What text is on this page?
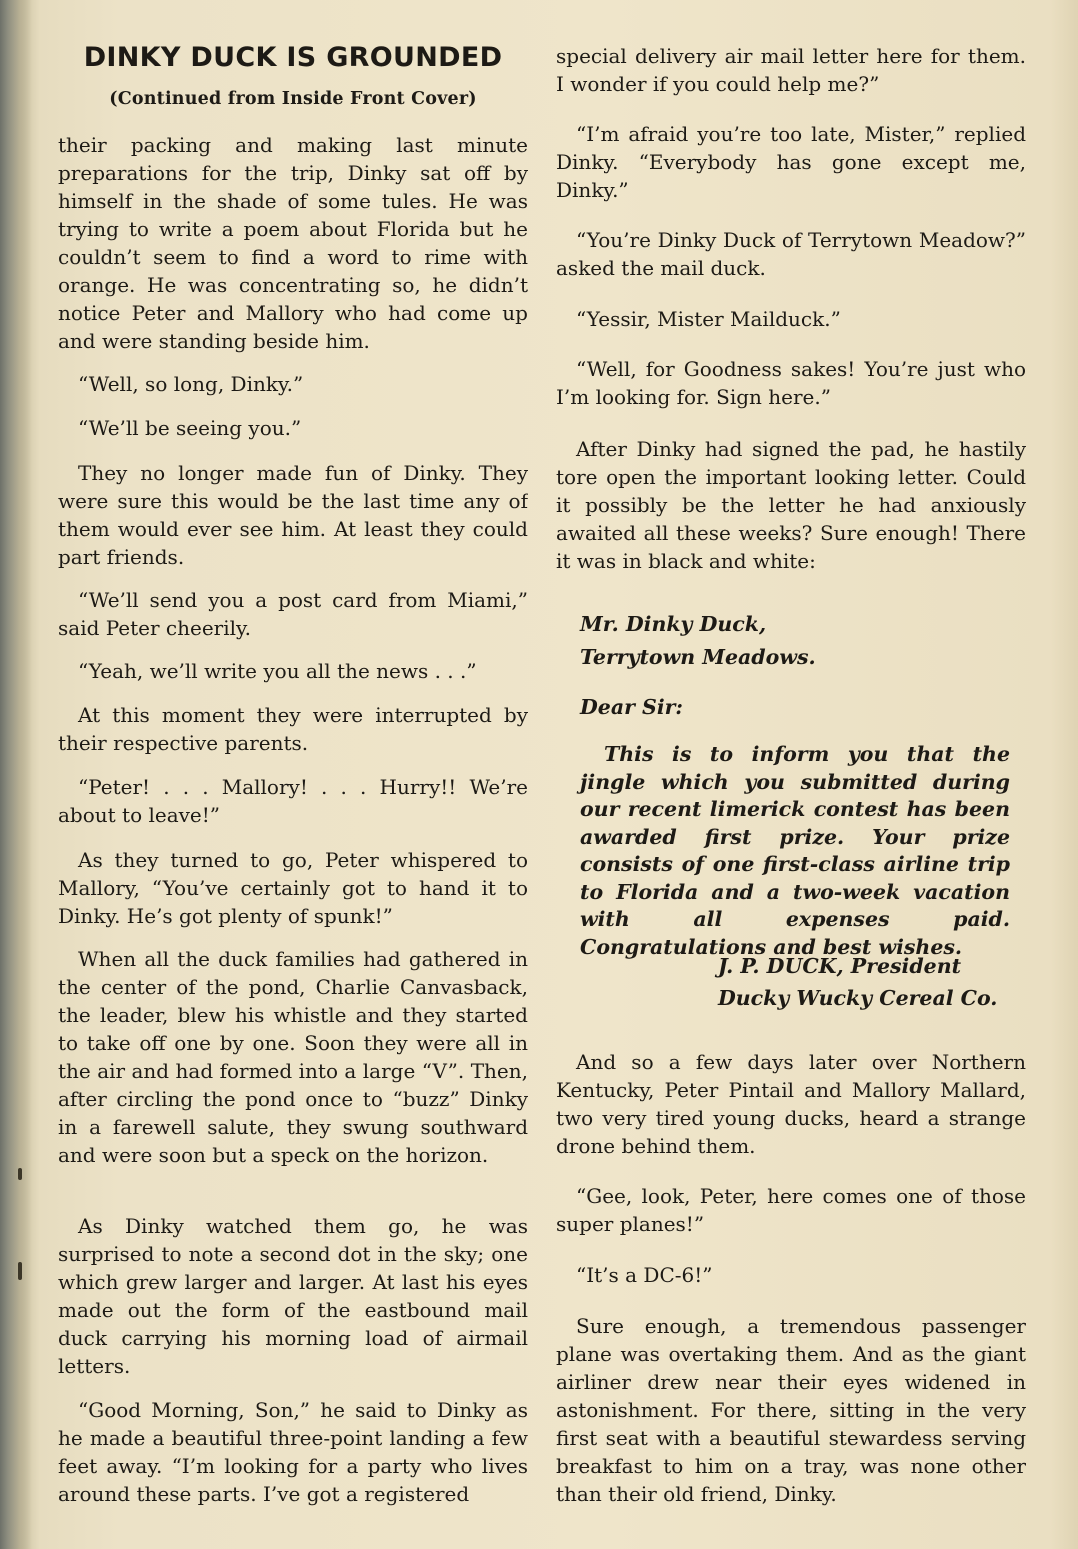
DINKY DUCK IS GROUNDED

(Continued from Inside Front Cover)

their packing and making last minute preparations for the trip, Dinky sat off by himself in the shade of some tules. He was trying to write a poem about Florida but he couldn’t seem to find a word to rime with orange. He was concentrating so, he didn’t notice Peter and Mallory who had come up and were standing beside him.

“Well, so long, Dinky.”

“We’ll be seeing you.”

They no longer made fun of Dinky. They were sure this would be the last time any of them would ever see him. At least they could part friends.

“We’ll send you a post card from Miami,” said Peter cheerily.

“Yeah, we’ll write you all the news . . .”

At this moment they were interrupted by their respective parents.

“Peter! . . . Mallory! . . . Hurry!! We’re about to leave!”

As they turned to go, Peter whispered to Mallory, “You’ve certainly got to hand it to Dinky. He’s got plenty of spunk!”

When all the duck families had gathered in the center of the pond, Charlie Canvasback, the leader, blew his whistle and they started to take off one by one. Soon they were all in the air and had formed into a large “V”. Then, after circling the pond once to “buzz” Dinky in a farewell salute, they swung southward and were soon but a speck on the horizon.

As Dinky watched them go, he was surprised to note a second dot in the sky; one which grew larger and larger. At last his eyes made out the form of the eastbound mail duck carrying his morning load of airmail letters.

“Good Morning, Son,” he said to Dinky as he made a beautiful three-point landing a few feet away. “I’m looking for a party who lives around these parts. I’ve got a registered

special delivery air mail letter here for them. I wonder if you could help me?”

“I’m afraid you’re too late, Mister,” replied Dinky. “Everybody has gone except me, Dinky.”

“You’re Dinky Duck of Terrytown Meadow?” asked the mail duck.

“Yessir, Mister Mailduck.”

“Well, for Goodness sakes! You’re just who I’m looking for. Sign here.”

After Dinky had signed the pad, he hastily tore open the important looking letter. Could it possibly be the letter he had anxiously awaited all these weeks? Sure enough! There it was in black and white:

Mr. Dinky Duck,

Terrytown Meadows.

Dear Sir:

This is to inform you that the jingle which you submitted during our recent limerick contest has been awarded first prize. Your prize consists of one first-class airline trip to Florida and a two-week vacation with all expenses paid. Congratulations and best wishes.

J. P. DUCK, President

Ducky Wucky Cereal Co.

And so a few days later over Northern Kentucky, Peter Pintail and Mallory Mallard, two very tired young ducks, heard a strange drone behind them.

“Gee, look, Peter, here comes one of those super planes!”

“It’s a DC-6!”

Sure enough, a tremendous passenger plane was overtaking them. And as the giant airliner drew near their eyes widened in astonishment. For there, sitting in the very first seat with a beautiful stewardess serving breakfast to him on a tray, was none other than their old friend, Dinky.
